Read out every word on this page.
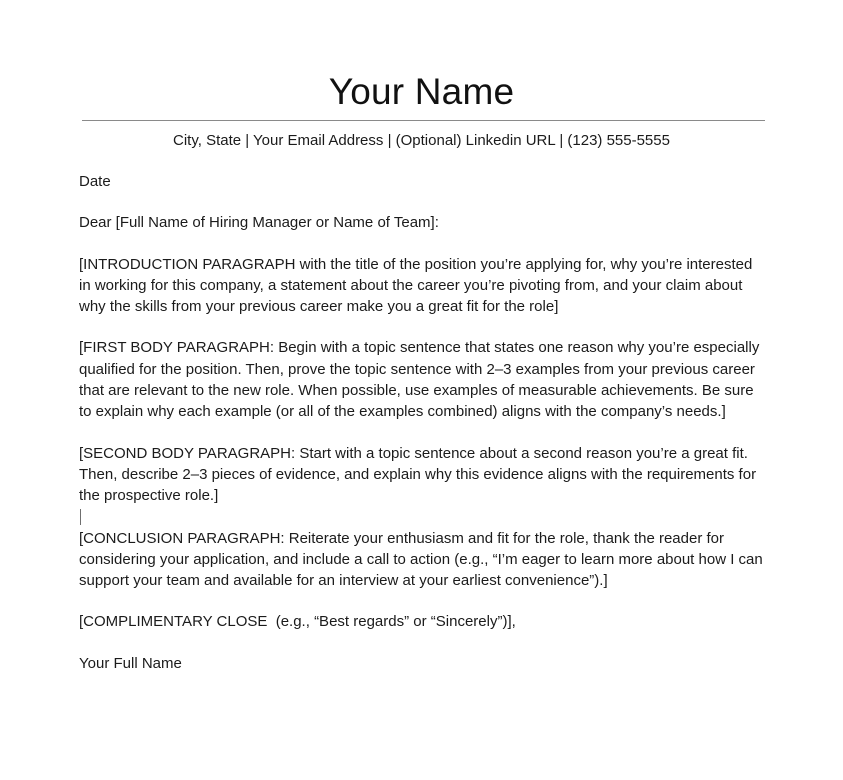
Your Name

City, State | Your Email Address | (Optional) Linkedin URL | (123) 555-5555

Date

Dear [Full Name of Hiring Manager or Name of Team]:

[INTRODUCTION PARAGRAPH with the title of the position you’re applying for, why you’re interested in working for this company, a statement about the career you’re pivoting from, and your claim about why the skills from your previous career make you a great fit for the role]

[FIRST BODY PARAGRAPH: Begin with a topic sentence that states one reason why you’re especially qualified for the position. Then, prove the topic sentence with 2–3 examples from your previous career that are relevant to the new role. When possible, use examples of measurable achievements. Be sure to explain why each example (or all of the examples combined) aligns with the company’s needs.]

[SECOND BODY PARAGRAPH: Start with a topic sentence about a second reason you’re a great fit. Then, describe 2–3 pieces of evidence, and explain why this evidence aligns with the requirements for the prospective role.]

[CONCLUSION PARAGRAPH: Reiterate your enthusiasm and fit for the role, thank the reader for considering your application, and include a call to action (e.g., “I’m eager to learn more about how I can support your team and available for an interview at your earliest convenience”).]

[COMPLIMENTARY CLOSE  (e.g., “Best regards” or “Sincerely”)],

Your Full Name
